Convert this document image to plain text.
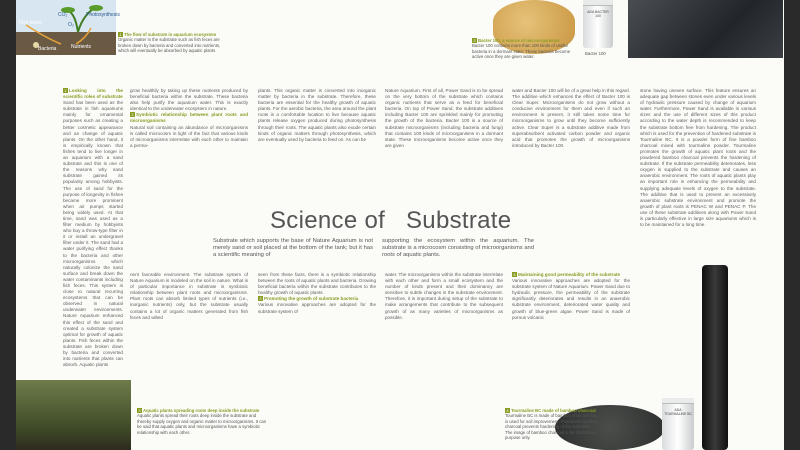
Fish feces
CO₂
O₂
Photosynthesis
Bacteria	Nutrients
1 The flow of substrate in aquarium ecosystem
Organic matter in the substrate such as fish feces are broken down by bacteria and converted into nutrients, which will eventually be absorbed by aquatic plants
ADA BACTER 100
Bacter 100
2 Bacter 100, a source of microorganisms
Bacter 100 contains more than 100 kinds of useful bacteria in a dormant state. These bacteria become active once they are given water.
1 Looking into the scientific roles of substrate
Sand has been used as the substrate in fish aquariums mainly for ornamental purposes such as creating a better cosmetic appearance and an change of aquatic plants. On the other hand, it is empirically known that fishes tend to live longer in an aquarium with a sand substrate and this is one of the reasons why sand substrate gained its popularity among hobbyists. The use of sand for the purpose of longevity in fishes became more prominent when air pumps started being widely used. At that time, sand was used as a filter medium by hobbyists who buy a throw-type filter in it or install an undergravel filter under it. The sand had a water purifying effect thanks to the bacteria and other microorganisms which naturally colonize the sand surface and break down the water contaminants including fish feces. This system is close to natural recurring ecosystems that can be observed in natural underwater environments. Nature Aquarium enhanced this effect of the sand and created a substrate system optimal for growth of aquatic plants. Fish feces within the substrate are broken down by bacteria and converted into nutrients that plants can absorb. Aquatic plants
grow healthily by taking up these nutrients produced by beneficial bacteria within the substrate. These bacteria also help purify the aquarium water. This is exactly identical to the underwater ecosystem in nature.
2 Symbiotic relationship between plant roots and microorganisms
Natural soil containing an abundance of microorganisms is called microcosm in light of the fact that various kinds of microorganisms interrelate with each other to maintain a perma-
plants. This organic matter is converted into inorganic matter by bacteria in the substrate. Therefore, these bacteria are essential for the healthy growth of aquatic plants. For the aerobic bacteria, the area around the plant roots is a comfortable location to live because aquatic plants release oxygen produced during photosynthesis through their roots. The aquatic plants also exude certain kinds of organic matters through photosynthesis, which are eventually used by bacteria to feed on. As can be
Nature Aquarium. First of all, Power Sand is to be spread on the very bottom of the substrate which contains organic nutrients that serve as a feed for beneficial bacteria. On top of Power Sand, the substrate additives including Bacter 100 are sprinkled mainly for promoting the growth of the bacteria. Bacter 100 is a source of substrate microorganisms (including bacteria and fungi) that contains 100 kinds of microorganisms in a dormant state. These microorganisms become active once they are given
water and Bacter 100 will be of a great help in this regard. The additive which enhances the effect of Bacter 100 is Clear Super. Microorganisms do not grow without a conducive environment for them and even if such an environment is present, it still takes some time for microorganisms to grow until they become sufficiently active. Clear Super is a substrate additive made from superabsorbent activated carbon powder and organic acid that promotes the growth of microorganisms introduced by Bacter 100.
stone having uneven surface. This feature ensures an adequate gap between stones even under various levels of hydraulic pressure caused by change of aquarium water. Furthermore, Power Sand is available in various sizes and the use of different sizes of this product according to the water depth is recommended to keep the substrate bottom free from hardening. The product which is used for the prevention of hardened substrate is Tourmaline BC. It is a powder form of fine bamboo charcoal mixed with tourmaline powder. Tourmaline promotes the growth of aquatic plant roots and the powdered bamboo charcoal prevents the hardening of substrate. If the substrate permeability deteriorates, less oxygen is supplied to the substrate and causes an anaerobic environment. The roots of aquatic plants play an important role in enhancing the permeability and supplying adequate levels of oxygen to the substrate. The additive that is used to prevent an excessively anaerobic substrate environment and promote the growth of plant roots is PENAC W and PENAC P. The use of these substrate additives along with Power Sand is particularly effective in large size aquariums which is to be maintained for a long time.
Science of Substrate
Substrate which supports the base of Nature Aquarium is not merely sand or soil placed at the bottom of the tank; but it has a scientific meaning of
supporting the ecosystem within the aquarium. The substrate is a microcosm consisting of microorganisms and roots of aquatic plants.
nent favorable environment. The substrate system of Nature Aquarium is modeled on the soil in nature. What is of particular importance in substrate is symbiotic relationship between plant roots and microorganisms. Plant roots can absorb limited types of nutrients (i.e., inorganic nutrients) only, but the substrate usually contains a lot of organic matters generated from fish feces and wilted
seen from these facts, there is a symbiotic relationship between the roots of aquatic plants and bacteria. Growing beneficial bacteria within the substrate contributes to the healthy growth of aquatic plants.
3 Promoting the growth of substrate bacteria
Various innovative approaches are adopted for the substrate system of
water. The microorganisms within the substrate interrelate with each other and form a small ecosystem and the number of kinds present and their dominancy are sensitive to subtle changes in the substrate environment. Therefore, it is important during setup of the substrate to make arrangements that contribute to the subsequent growth of as many varieties of microorganisms as possible.
4 Maintaining good permeability of the substrate
Various innovative approaches are adopted for the substrate system of Nature Aquarium. Power Sand due to hydraulic pressure, the permeability of the substrate significantly deteriorates and results in an anaerobic substrate environment, deteriorated water quality and growth of blue-green algae. Power Sand is made of porous volcanic
3 Aquatic plants spreading roots deep inside the substrate
Aquatic plants spread their roots deep inside the substrate and thereby supply oxygen and organic matter to microorganisms. It can be said that aquatic plants and microorganisms have a symbiotic relationship with each other.
ADA TOURMALINE BC
4 Tourmaline BC made of bamboo charcoal
Tourmaline BC is made of bamboo charcoal that is used for soil improvement. Powdered bamboo charcoal prevents hardening of the substrate.
The image of bamboo charcoal is for illustration purpose only.
